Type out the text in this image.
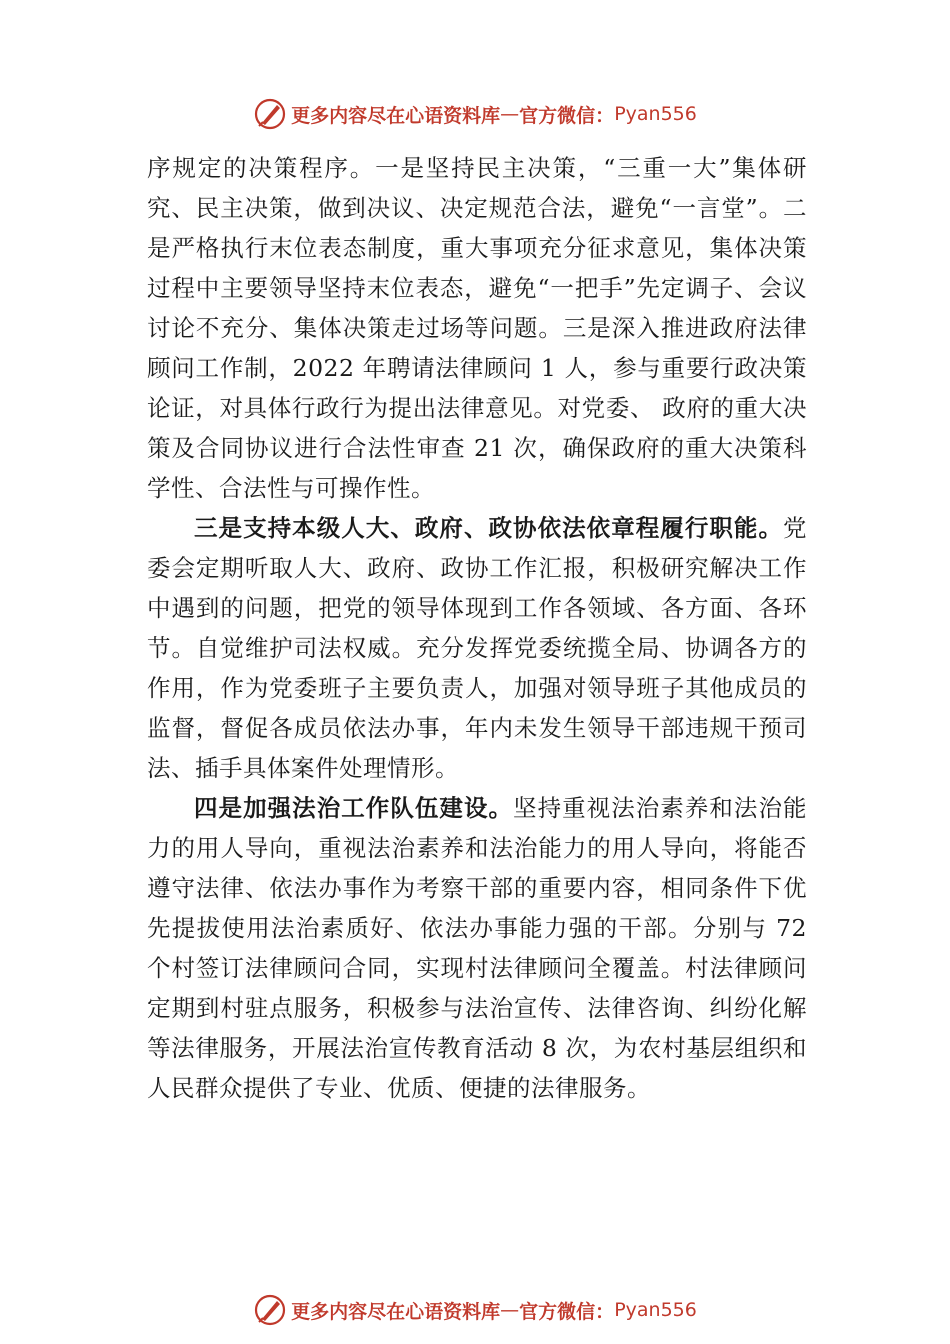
更多内容尽在心语资料库 — 官方微信： Pyan556

序规定的决策程序。一是坚持民主决策，“三重一大”集体研究、民主决策，做到决议、决定规范合法，避免“一言堂”。二是严格执行末位表态制度，重大事项充分征求意见，集体决策过程中主要领导坚持末位表态，避免“一把手”先定调子、会议讨论不充分、集体决策走过场等问题。三是深入推进政府法律顾问工作制，2022 年聘请法律顾问 1 人，参与重要行政决策论证，对具体行政行为提出法律意见。对党委、 政府的重大决策及合同协议进行合法性审查 21 次，确保政府的重大决策科学性、合法性与可操作性。

三是支持本级人大、政府、政协依法依章程履行职能。党委会定期听取人大、政府、政协工作汇报，积极研究解决工作中遇到的问题，把党的领导体现到工作各领域、各方面、各环节。自觉维护司法权威。充分发挥党委统揽全局、协调各方的作用，作为党委班子主要负责人，加强对领导班子其他成员的监督，督促各成员依法办事，年内未发生领导干部违规干预司法、插手具体案件处理情形。

四是加强法治工作队伍建设。坚持重视法治素养和法治能力的用人导向，重视法治素养和法治能力的用人导向，将能否遵守法律、依法办事作为考察干部的重要内容，相同条件下优先提拔使用法治素质好、依法办事能力强的干部。分别与 72 个村签订法律顾问合同，实现村法律顾问全覆盖。村法律顾问定期到村驻点服务，积极参与法治宣传、法律咨询、纠纷化解等法律服务，开展法治宣传教育活动 8 次，为农村基层组织和人民群众提供了专业、优质、便捷的法律服务。

更多内容尽在心语资料库 — 官方微信： Pyan556
